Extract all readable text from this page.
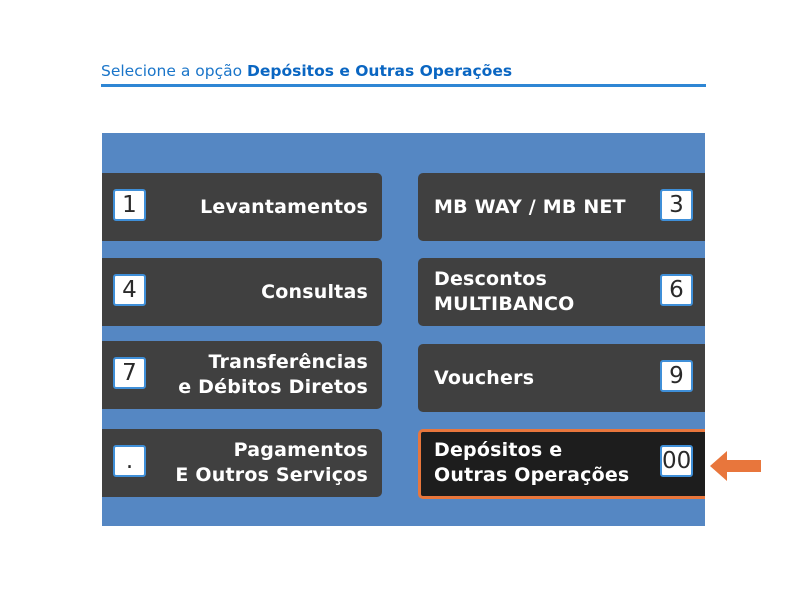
Selecione a opção Depósitos e Outras Operações
1	Levantamentos	MB WAY / MB NET	3
4	Consultas
Descontos
MULTIBANCO
6
7	Transferências
e Débitos Diretos	Vouchers	9
.	Pagamentos
E Outros Serviços
Depósitos e
Outras Operações
00
